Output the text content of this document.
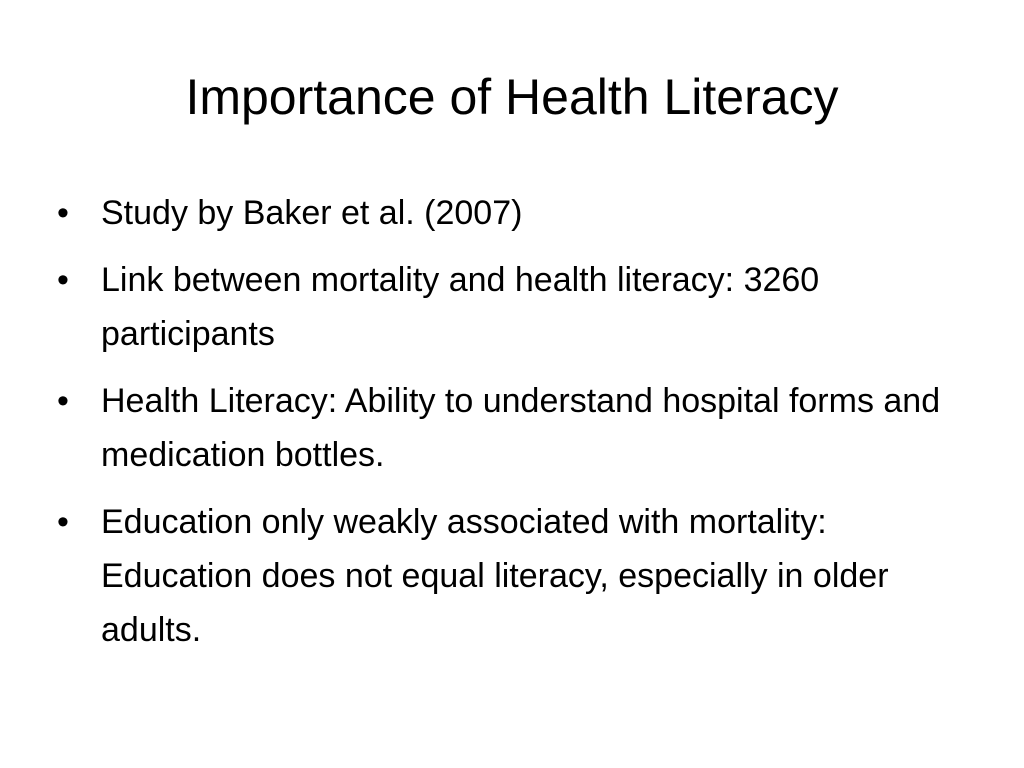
Importance of Health Literacy
• Study by Baker et al. (2007)
• Link between mortality and health literacy: 3260 participants
• Health Literacy: Ability to understand hospital forms and medication bottles.
• Education only weakly associated with mortality: Education does not equal literacy, especially in older adults.
